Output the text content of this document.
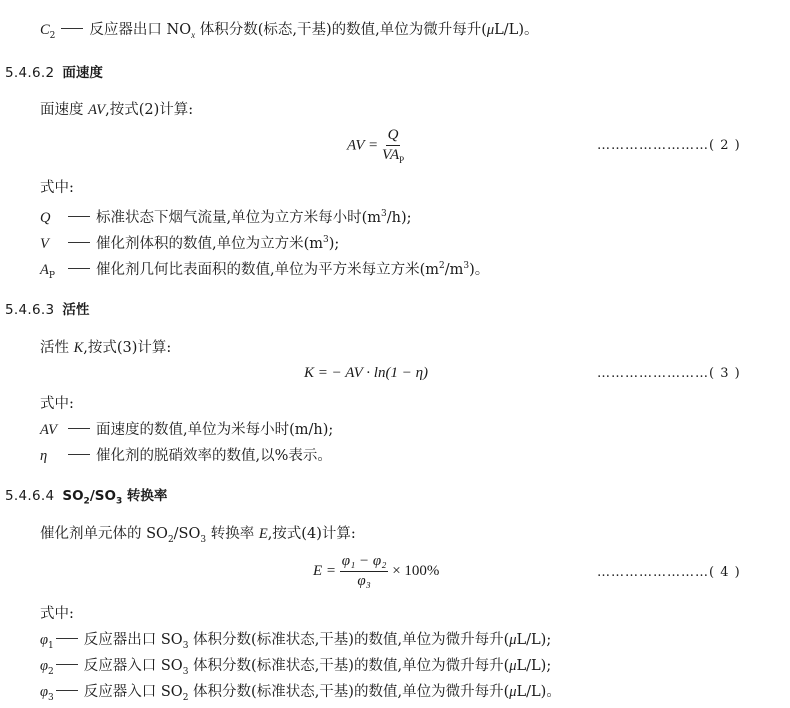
$C_2$ 反应器出口 $NO_x$ 体积分数(标态,干基)的数值,单位为微升每升(μL/L)。
5.4.6.2 面速度
面速度 AV,按式(2)计算:
AV = $\frac{Q}{VA_P}$	……………………( 2 )
式中:
Q	标准状态下烟气流量,单位为立方米每小时$(m^3/h)$;
V	催化剂体积的数值,单位为立方米$(m^3)$;
$A_P$	催化剂几何比表面积的数值,单位为平方米每立方米$(m^2/m^3)$。
5.4.6.3 活性
活性 K,按式(3)计算:
K = − AV · ln(1 − η)	……………………( 3 )
式中:
AV	面速度的数值,单位为米每小时(m/h);
η	催化剂的脱硝效率的数值,以%表示。
5.4.6.4 $SO_2/SO_3$ 转换率
催化剂单元体的 $SO_2/SO_3$ 转换率 E,按式(4)计算:
$E = \frac{\text{φ₁ − φ₂}}{\text{φ₃}} \times 100\%$	……………………( 4 )
式中:
$\varphi_1$ 反应器出口 $SO_3$ 体积分数(标准状态,干基)的数值,单位为微升每升(μL/L);
$\varphi_2$ 反应器入口 $SO_3$ 体积分数(标准状态,干基)的数值,单位为微升每升(μL/L);
$\varphi_3$ 反应器入口 $SO_2$ 体积分数(标准状态,干基)的数值,单位为微升每升(μL/L)。
